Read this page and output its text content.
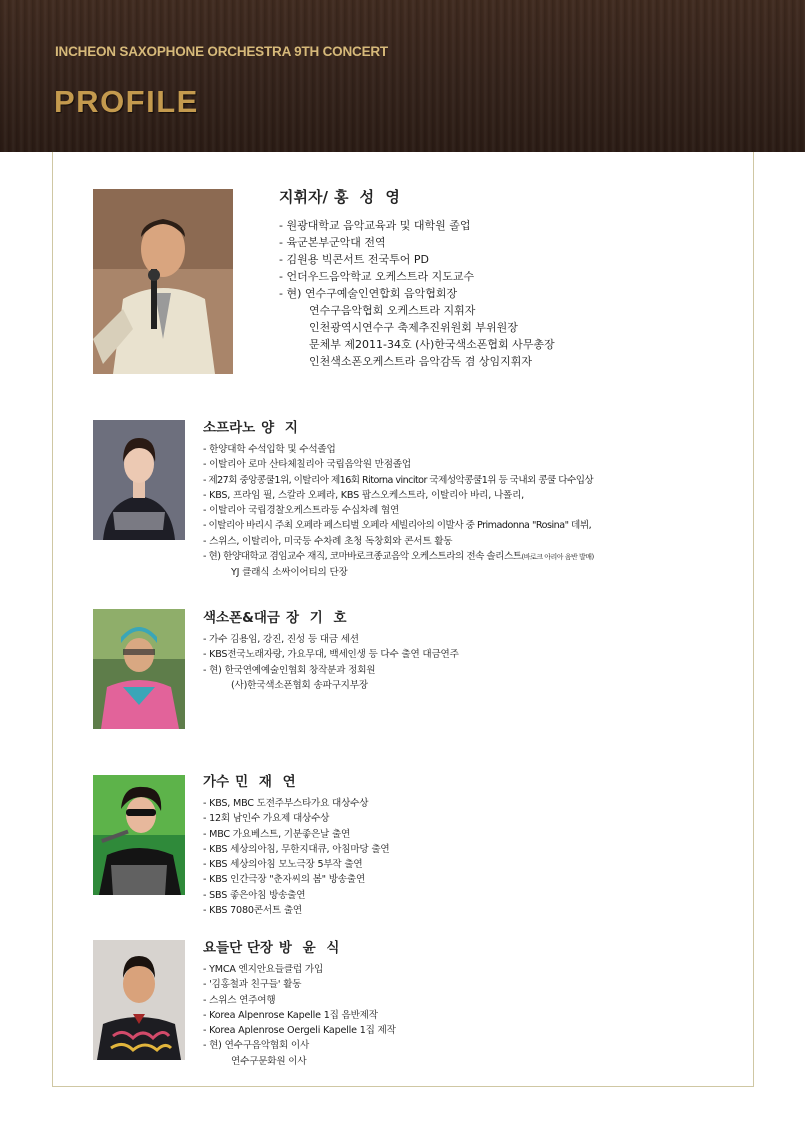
INCHEON SAXOPHONE ORCHESTRA 9TH CONCERT
PROFILE
지휘자/ 홍 성 영
- 원광대학교 음악교육과 및 대학원 졸업
- 육군본부군악대 전역
- 김원용 빅콘서트 전국투어 PD
- 언더우드음악학교 오케스트라 지도교수
- 현) 연수구예술인연합회 음악협회장
연수구음악협회 오케스트라 지휘자
인천광역시연수구 축제추진위원회 부위원장
문체부 제2011-34호 (사)한국색소폰협회 사무총장
인천색소폰오케스트라 음악감독 겸 상임지휘자
소프라노 양 지
- 한양대학 수석입학 및 수석졸업
- 이탈리아 로마 산타체칠리아 국립음악원 만점졸업
- 제27회 중앙콩쿨1위, 이탈리아 제16회 Ritorna vincitor 국제성악콩쿨1위 등 국내외 콩쿨 다수입상
- KBS, 프라임 필, 스칼라 오페라, KBS 팝스오케스트라, 이탈리아 바리, 나폴리,
- 이탈리아 국립경찰오케스트라등 수십차례 협연
- 이탈리아 바리시 주최 오페라 페스티벌 오페라 세빌리아의 이발사 중 Primadonna "Rosina" 데뷔,
- 스위스, 이탈리아, 미국등 수차례 초청 독창회와 콘서트 활동
- 현) 한양대학교 겸임교수 재직, 코마바로크종교음악 오케스트라의 전속 솔리스트(바로크 아리아 음반 발매)
YJ 클래식 소싸이어티의 단장
색소폰&대금 장 기 호
- 가수 김용임, 강진, 진성 등 대금 세션
- KBS전국노래자랑, 가요무대, 백세인생 등 다수 출연 대금연주
- 현) 한국연예예술인협회 창작분과 정회원
(사)한국색소폰협회 송파구지부장
가수 민 재 연
- KBS, MBC 도전주부스타가요 대상수상
- 12회 남인수 가요제 대상수상
- MBC 가요베스트, 기분좋은날 출연
- KBS 세상의아침, 무한지대큐, 아침마당 출연
- KBS 세상의아침 모노극장 5부작 출연
- KBS 인간극장 "춘자씨의 봄" 방송출연
- SBS 좋은아침 방송출연
- KBS 7080콘서트 출연
요들단 단장 방 윤 식
- YMCA 엔지안요들클럽 가입
- '김홍철과 친구들' 활동
- 스위스 연주여행
- Korea Alpenrose Kapelle 1집 음반제작
- Korea Aplenrose Oergeli Kapelle 1집 제작
- 현) 연수구음악협회 이사
연수구문화원 이사
